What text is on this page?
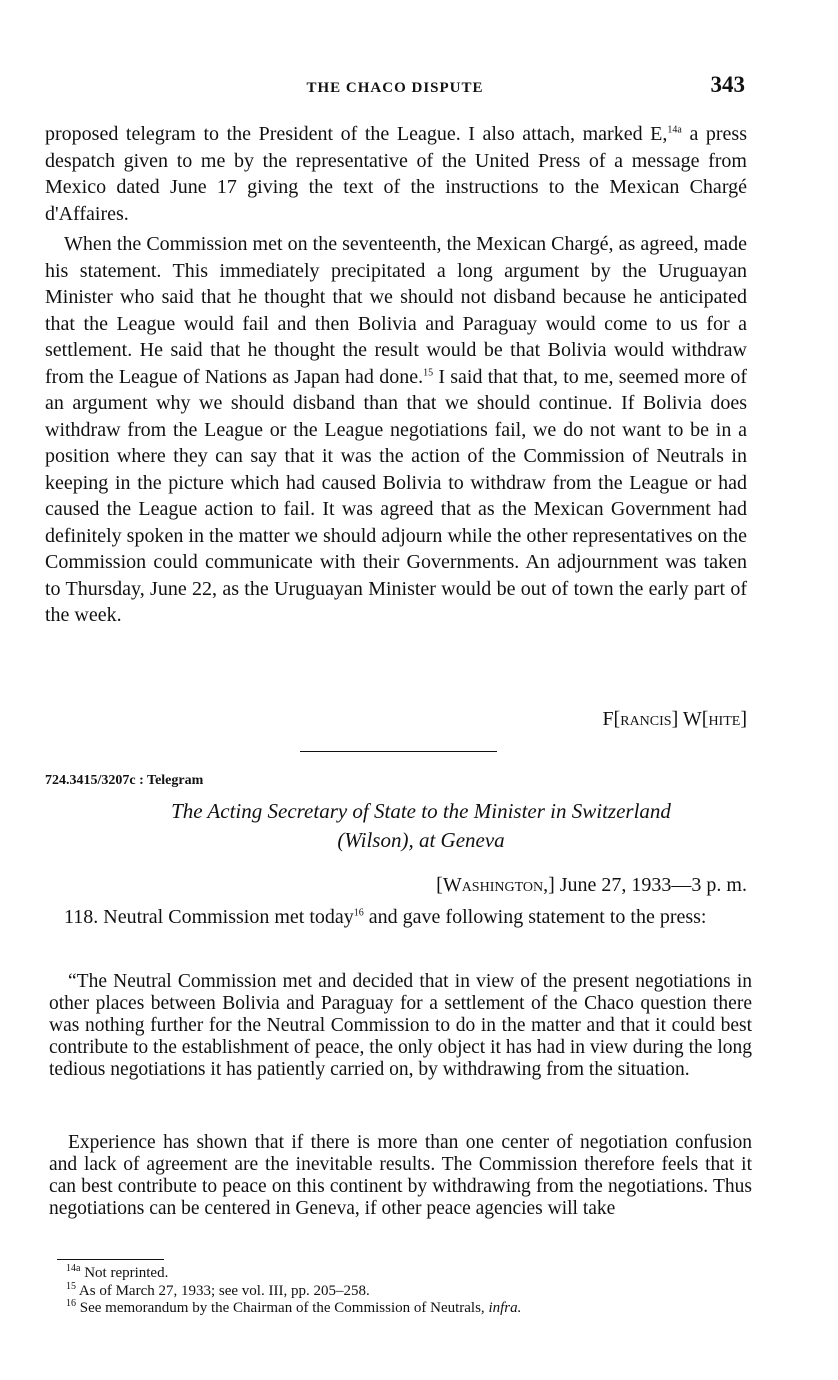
THE CHACO DISPUTE	343

proposed telegram to the President of the League. I also attach, marked E,$^{14a}$ a press despatch given to me by the representative of the United Press of a message from Mexico dated June 17 giving the text of the instructions to the Mexican Chargé d'Affaires.

When the Commission met on the seventeenth, the Mexican Chargé, as agreed, made his statement. This immediately precipitated a long argument by the Uruguayan Minister who said that he thought that we should not disband because he anticipated that the League would fail and then Bolivia and Paraguay would come to us for a settlement. He said that he thought the result would be that Bolivia would withdraw from the League of Nations as Japan had done.$^{15}$ I said that that, to me, seemed more of an argument why we should disband than that we should continue. If Bolivia does withdraw from the League or the League negotiations fail, we do not want to be in a position where they can say that it was the action of the Commission of Neutrals in keeping in the picture which had caused Bolivia to withdraw from the League or had caused the League action to fail. It was agreed that as the Mexican Government had definitely spoken in the matter we should adjourn while the other representatives on the Commission could communicate with their Governments. An adjournment was taken to Thursday, June 22, as the Uruguayan Minister would be out of town the early part of the week.

F[rancis] W[hite]
724.3415/3207c : Telegram
The Acting Secretary of State to the Minister in Switzerland
(Wilson), at Geneva
[Washington,] June 27, 1933—3 p. m.

118. Neutral Commission met today$^{16}$ and gave following statement to the press:

“The Neutral Commission met and decided that in view of the present negotiations in other places between Bolivia and Paraguay for a settlement of the Chaco question there was nothing further for the Neutral Commission to do in the matter and that it could best contribute to the establishment of peace, the only object it has had in view during the long tedious negotiations it has patiently carried on, by withdrawing from the situation.

Experience has shown that if there is more than one center of negotiation confusion and lack of agreement are the inevitable results. The Commission therefore feels that it can best contribute to peace on this continent by withdrawing from the negotiations. Thus negotiations can be centered in Geneva, if other peace agencies will take

$^{14a}$ Not reprinted.
$^{15}$ As of March 27, 1933; see vol. III, pp. 205–258.
$^{16}$ See memorandum by the Chairman of the Commission of Neutrals, infra.
